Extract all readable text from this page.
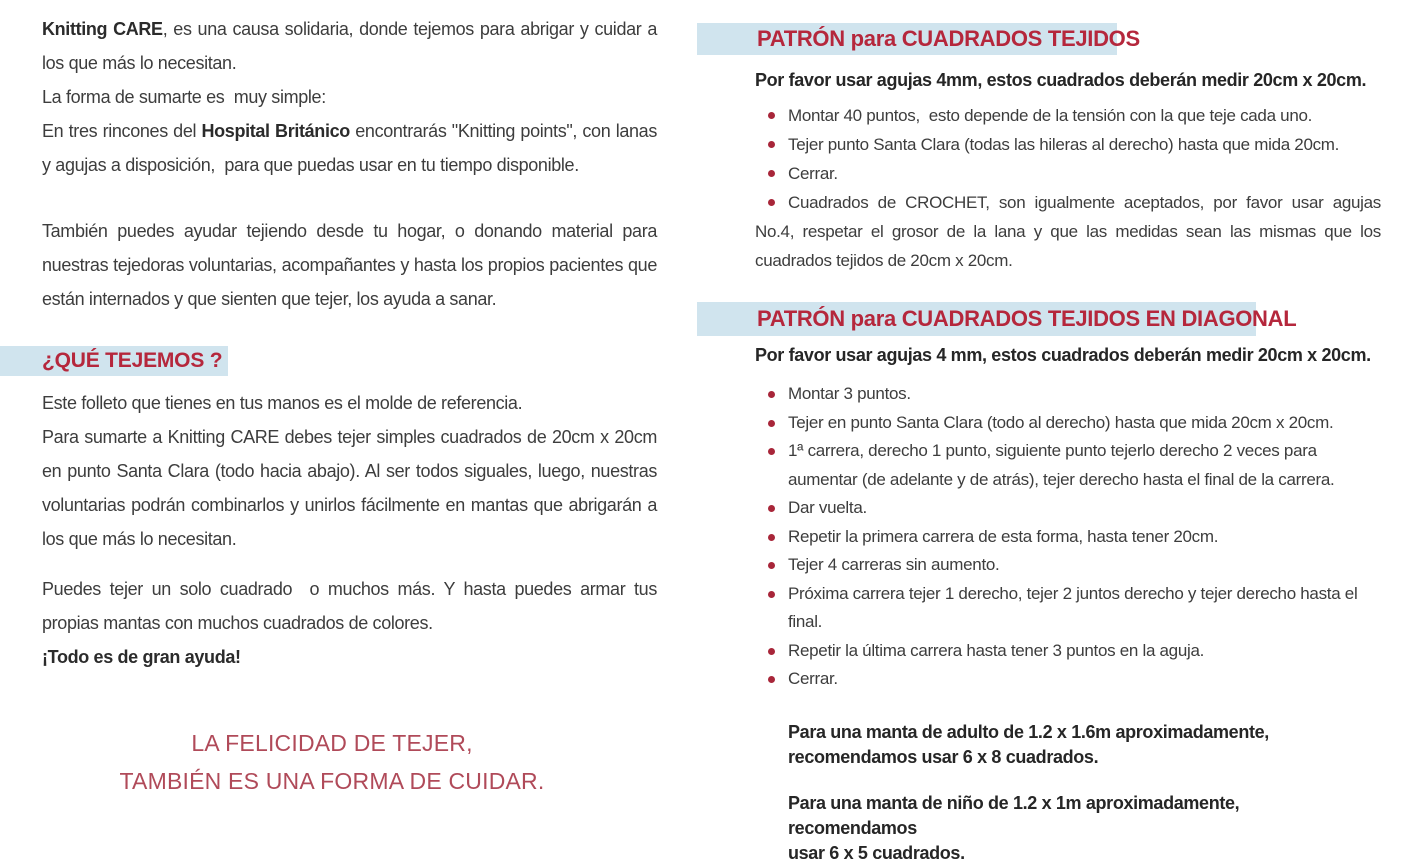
Knitting CARE, es una causa solidaria, donde tejemos para abrigar y cuidar a los que más lo necesitan.

La forma de sumarte es  muy simple:

En tres rincones del Hospital Británico encontrarás "Knitting points", con lanas y agujas a disposición,  para que puedas usar en tu tiempo disponible.

También puedes ayudar tejiendo desde tu hogar, o donando material para nuestras tejedoras voluntarias, acompañantes y hasta los propios pacientes que están internados y que sienten que tejer, los ayuda a sanar.

¿QUÉ TEJEMOS ?

Este folleto que tienes en tus manos es el molde de referencia.

Para sumarte a Knitting CARE debes tejer simples cuadrados de 20cm x 20cm en punto Santa Clara (todo hacia abajo). Al ser todos siguales, luego, nuestras voluntarias podrán combinarlos y unirlos fácilmente en mantas que abrigarán a los que más lo necesitan.

Puedes tejer un solo cuadrado  o muchos más. Y hasta puedes armar tus propias mantas con muchos cuadrados de colores.

¡Todo es de gran ayuda!

LA FELICIDAD DE TEJER,
TAMBIÉN ES UNA FORMA DE CUIDAR.
PATRÓN para CUADRADOS TEJIDOS
Por favor usar agujas 4mm, estos cuadrados deberán medir 20cm x 20cm.
Montar 40 puntos,  esto depende de la tensión con la que teje cada uno.
Tejer punto Santa Clara (todas las hileras al derecho) hasta que mida 20cm.
Cerrar.
Cuadrados de CROCHET, son igualmente aceptados, por favor usar agujas No.4, respetar el grosor de la lana y que las medidas sean las mismas que los cuadrados tejidos de 20cm x 20cm.
PATRÓN para CUADRADOS TEJIDOS EN DIAGONAL
Por favor usar agujas 4 mm, estos cuadrados deberán medir 20cm x 20cm.
Montar 3 puntos.
Tejer en punto Santa Clara (todo al derecho) hasta que mida 20cm x 20cm.
1ª carrera, derecho 1 punto, siguiente punto tejerlo derecho 2 veces para aumentar (de adelante y de atrás), tejer derecho hasta el final de la carrera.
Dar vuelta.
Repetir la primera carrera de esta forma, hasta tener 20cm.
Tejer 4 carreras sin aumento.
Próxima carrera tejer 1 derecho, tejer 2 juntos derecho y tejer derecho hasta el final.
Repetir la última carrera hasta tener 3 puntos en la aguja.
Cerrar.
Para una manta de adulto de 1.2 x 1.6m aproximadamente,
recomendamos usar 6 x 8 cuadrados.
Para una manta de niño de 1.2 x 1m aproximadamente, recomendamos
usar 6 x 5 cuadrados.
